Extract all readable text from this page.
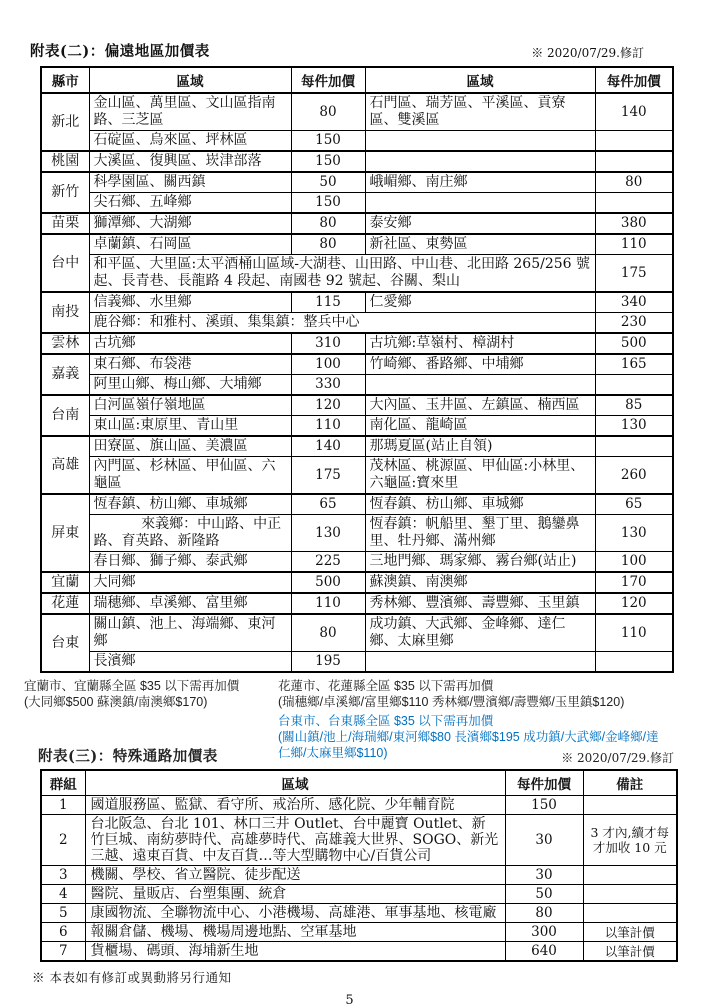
附表(二)：偏遠地區加價表	※ 2020/07/29.修訂
縣市	區域	每件加價	區域	每件加價
新北	金山區、萬里區、文山區指南路、三芝區	80	石門區、瑞芳區、平溪區、貢寮區、雙溪區	140
	石碇區、烏來區、坪林區	150		
桃園	大溪區、復興區、崁津部落	150		
新竹	科學園區、關西鎮	50	峨嵋鄉、南庄鄉	80
	尖石鄉、五峰鄉	150		
苗栗	獅潭鄉、大湖鄉	80	泰安鄉	380
台中	卓蘭鎮、石岡區	80	新社區、東勢區	110
	和平區、大里區:太平酒桶山區域-大湖巷、山田路、中山巷、北田路 265/256 號起、長青巷、長龍路 4 段起、南國巷 92 號起、谷關、梨山			175
南投	信義鄉、水里鄉	115	仁愛鄉	340
	鹿谷鄉：和雅村、溪頭、集集鎮：整兵中心			230
雲林	古坑鄉	310	古坑鄉:草嶺村、樟湖村	500
嘉義	東石鄉、布袋港	100	竹崎鄉、番路鄉、中埔鄉	165
	阿里山鄉、梅山鄉、大埔鄉	330		
台南	白河區嶺仔嶺地區	120	大內區、玉井區、左鎮區、楠西區	85
	東山區:東原里、青山里	110	南化區、龍崎區	130
高雄	田寮區、旗山區、美濃區	140	那瑪夏區(站止自領)	
	內門區、杉林區、甲仙區、六龜區	175	茂林區、桃源區、甲仙區:小林里、六龜區:寶來里	260
屏東	恆春鎮、枋山鄉、車城鄉	65	恆春鎮、枋山鄉、車城鄉	65
	來義鄉：中山路、中正路、育英路、新隆路	130	恆春鎮：帆船里、墾丁里、鵝鑾鼻里、牡丹鄉、滿州鄉	130
	春日鄉、獅子鄉、泰武鄉	225	三地門鄉、瑪家鄉、霧台鄉(站止)	100
宜蘭	大同鄉	500	蘇澳鎮、南澳鄉	170
花蓮	瑞穗鄉、卓溪鄉、富里鄉	110	秀林鄉、豐濱鄉、壽豐鄉、玉里鎮	120
台東	關山鎮、池上、海端鄉、東河鄉	80	成功鎮、大武鄉、金峰鄉、達仁鄉、太麻里鄉	110
	長濱鄉	195		
宜蘭市、宜蘭縣全區 $35 以下需再加價
(大同鄉$500 蘇澳鎮/南澳鄉$170)
花蓮市、花蓮縣全區 $35 以下需再加價
(瑞穗鄉/卓溪鄉/富里鄉$110 秀林鄉/豐濱鄉/壽豐鄉/玉里鎮$120)
台東市、台東縣全區 $35 以下需再加價
(關山鎮/池上/海瑞鄉/東河鄉$80 長濱鄉$195 成功鎮/大武鄉/金峰鄉/達
仁鄉/太麻里鄉$110)
附表(三)：特殊通路加價表	※ 2020/07/29.修訂
群組	區域	每件加價	備註
1	國道服務區、監獄、看守所、戒治所、感化院、少年輔育院	150	
2	台北阪急、台北 101、林口三井 Outlet、台中麗寶 Outlet、新竹巨城、南紡夢時代、高雄夢時代、高雄義大世界、SOGO、新光三越、遠東百貨、中友百貨…等大型購物中心/百貨公司	30	3 才內,續才每才加收 10 元
3	機關、學校、省立醫院、徒步配送	30	
4	醫院、量販店、台塑集團、統倉	50	
5	康國物流、全聯物流中心、小港機場、高雄港、軍事基地、核電廠	80	
6	報關倉儲、機場、機場周邊地點、空軍基地	300	以筆計價
7	貨櫃場、碼頭、海埔新生地	640	以筆計價
※ 本表如有修訂或異動將另行通知
5
